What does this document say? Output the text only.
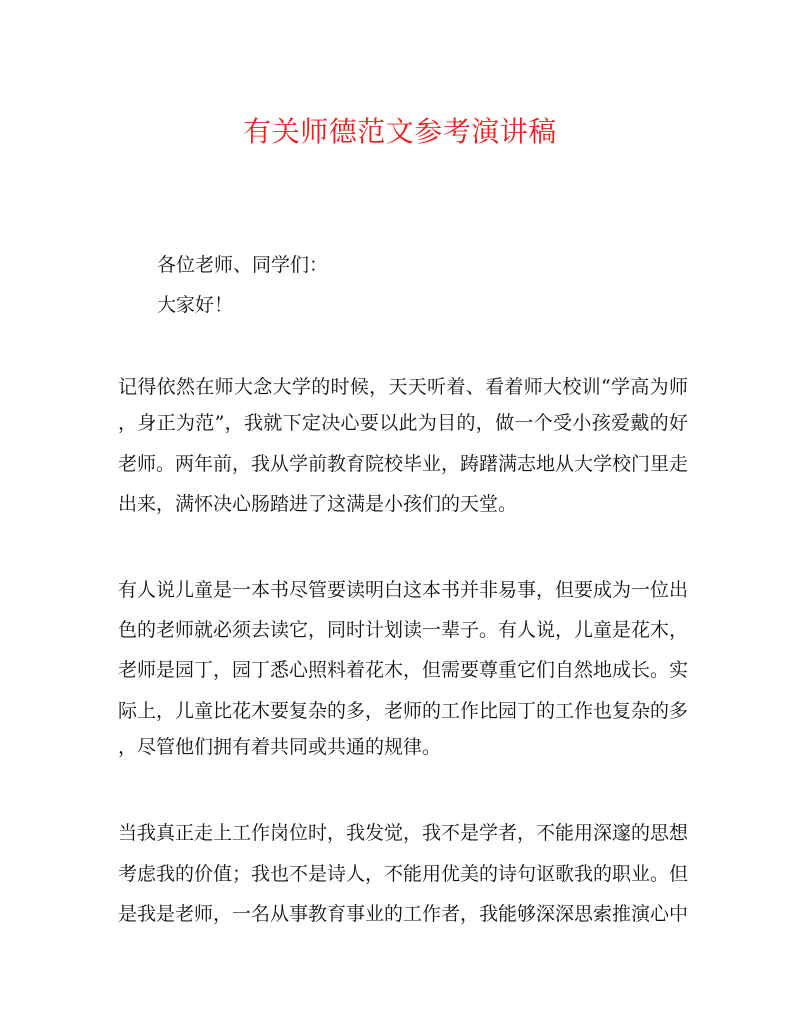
有关师德范文参考演讲稿
各位老师、同学们：
大家好！
记得依然在师大念大学的时候，天天听着、看着师大校训“学高为师
，身正为范”，我就下定决心要以此为目的，做一个受小孩爱戴的好
老师。两年前，我从学前教育院校毕业，踌躇满志地从大学校门里走
出来，满怀决心肠踏进了这满是小孩们的天堂。
有人说儿童是一本书尽管要读明白这本书并非易事，但要成为一位出
色的老师就必须去读它，同时计划读一辈子。有人说，儿童是花木，
老师是园丁，园丁悉心照料着花木，但需要尊重它们自然地成长。实
际上，儿童比花木要复杂的多，老师的工作比园丁的工作也复杂的多
，尽管他们拥有着共同或共通的规律。
当我真正走上工作岗位时，我发觉，我不是学者，不能用深邃的思想
考虑我的价值；我也不是诗人，不能用优美的诗句讴歌我的职业。但
是我是老师，一名从事教育事业的工作者，我能够深深思索推演心中
